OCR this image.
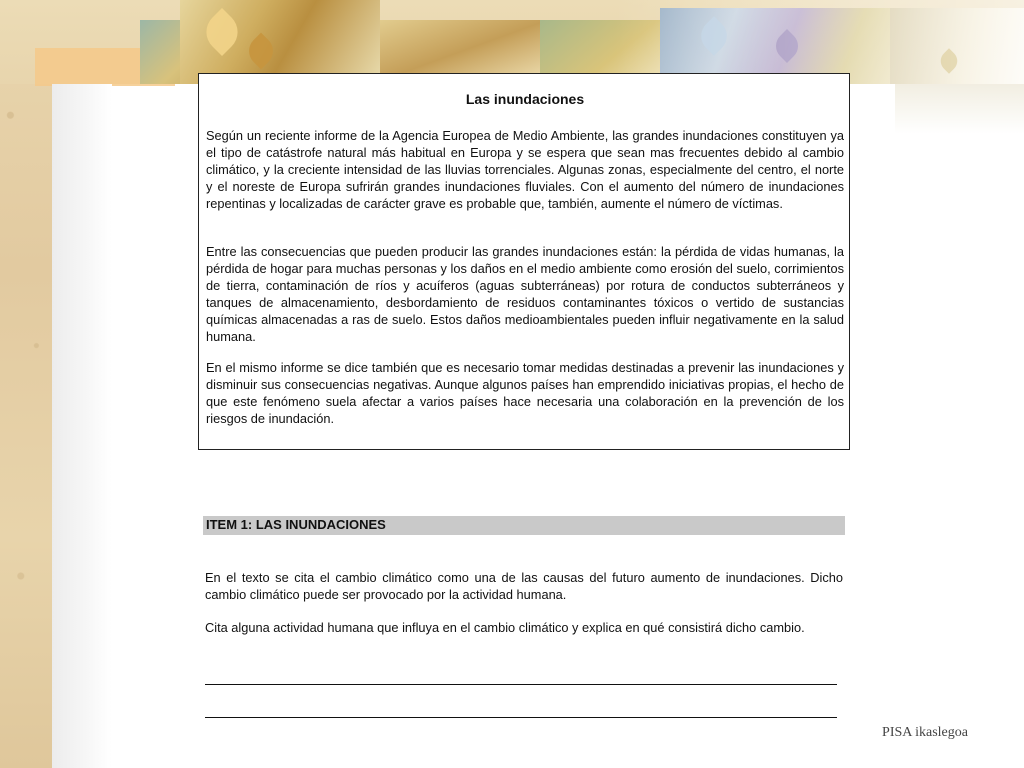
Las inundaciones

Según un reciente informe de la Agencia Europea de Medio Ambiente, las grandes inundaciones constituyen ya el tipo de catástrofe natural más habitual en Europa y se espera que sean mas frecuentes debido al cambio climático, y la creciente intensidad de las lluvias torrenciales. Algunas zonas, especialmente del centro, el norte y el noreste de Europa sufrirán grandes inundaciones fluviales. Con el aumento del número de inundaciones repentinas y localizadas de carácter grave es probable que, también, aumente el número de víctimas.

Entre las consecuencias que pueden producir las grandes inundaciones están: la pérdida de vidas humanas, la pérdida de hogar para muchas personas y los daños en el medio ambiente como erosión del suelo, corrimientos de tierra, contaminación de ríos y acuíferos (aguas subterráneas) por rotura de conductos subterráneos y tanques de almacenamiento, desbordamiento de residuos contaminantes tóxicos o vertido de sustancias químicas almacenadas a ras de suelo. Estos daños medioambientales pueden influir negativamente en la salud humana.

En el mismo informe se dice también que es necesario tomar medidas destinadas a prevenir las inundaciones y disminuir sus consecuencias negativas. Aunque algunos países han emprendido iniciativas propias, el hecho de que este fenómeno suela afectar a varios países hace necesaria una colaboración en la prevención de los riesgos de inundación.

ITEM 1: LAS INUNDACIONES

En el texto se cita el cambio climático como una de las causas del futuro aumento de inundaciones. Dicho cambio climático puede ser provocado por la actividad humana.

Cita alguna actividad humana que influya en el cambio climático y explica en qué consistirá dicho cambio.

PISA ikaslegoa
